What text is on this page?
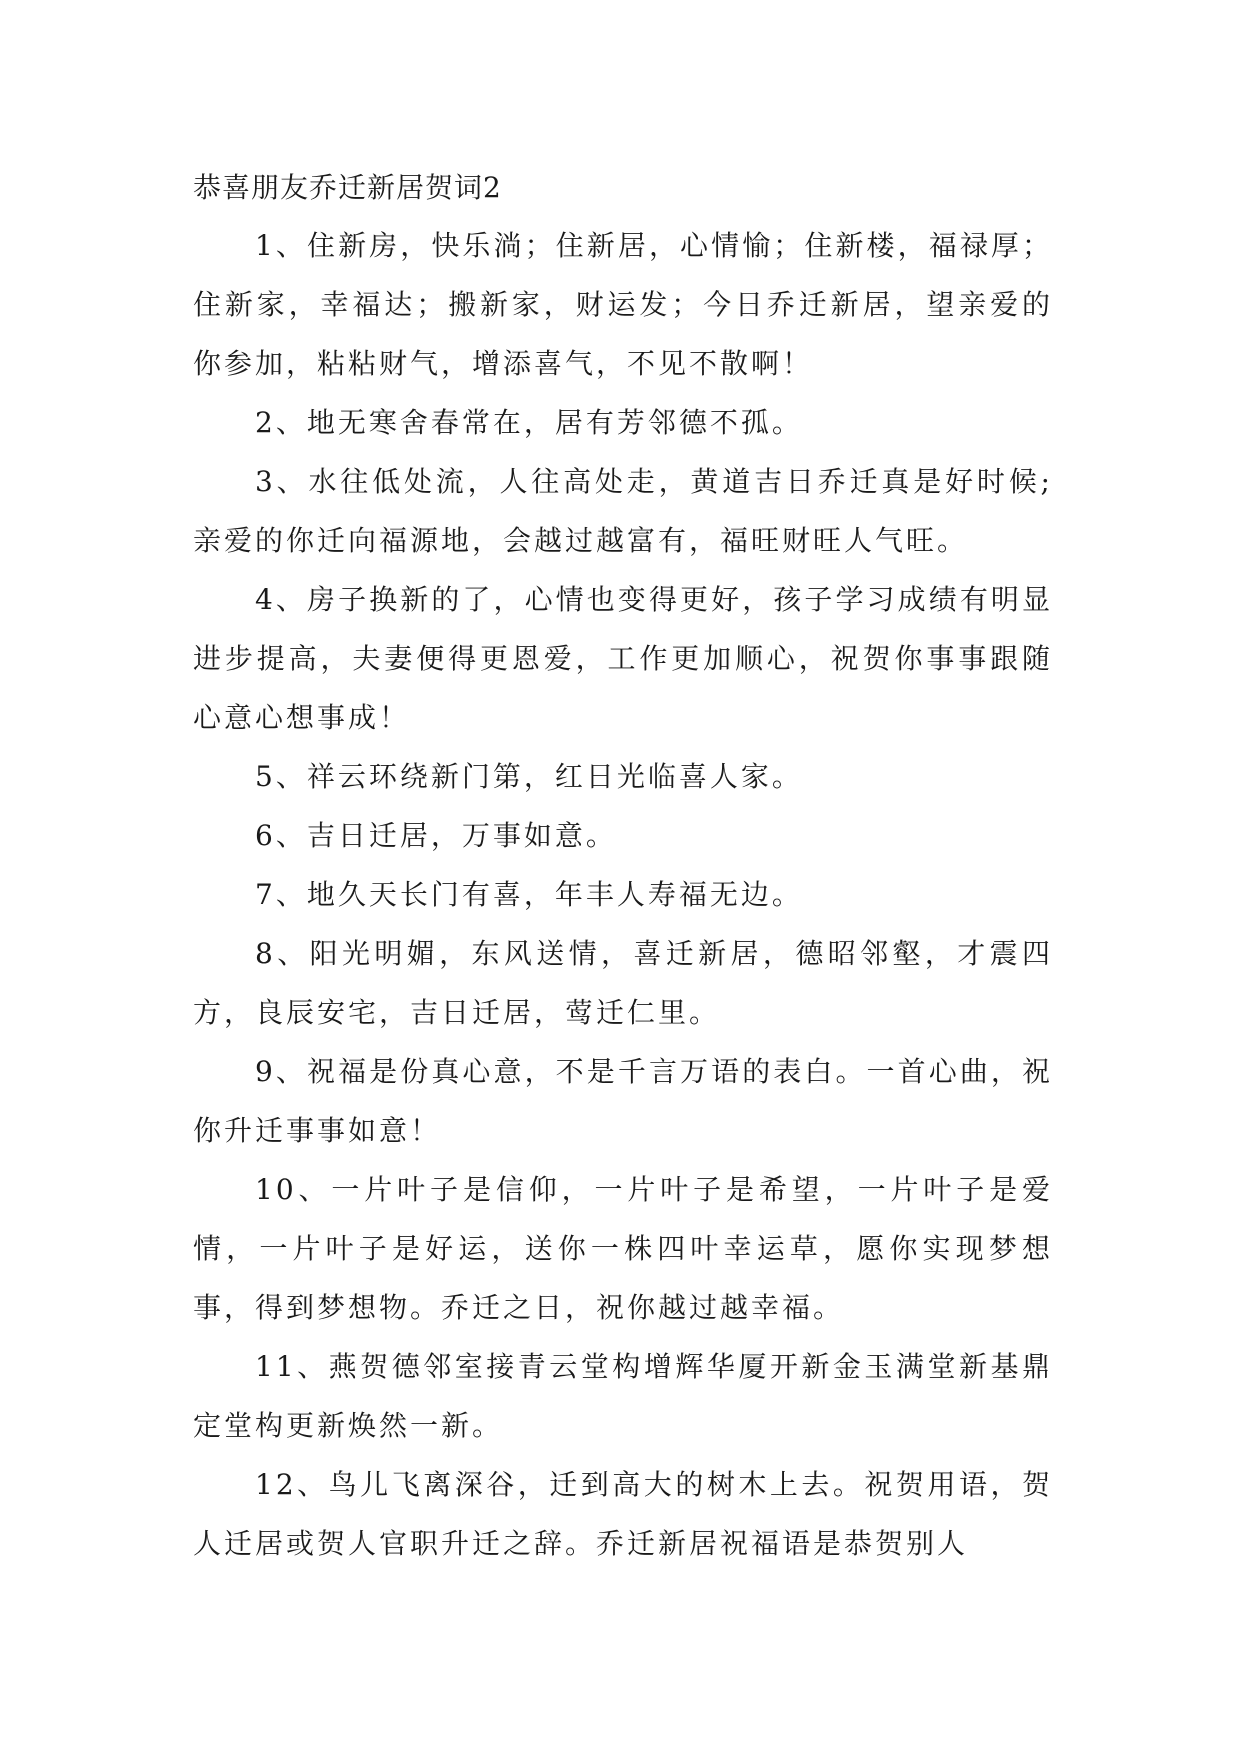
恭喜朋友乔迁新居贺词2

1、住新房，快乐淌；住新居，心情愉；住新楼，福禄厚；住新家，幸福达；搬新家，财运发；今日乔迁新居，望亲爱的你参加，粘粘财气，增添喜气，不见不散啊！

2、地无寒舍春常在，居有芳邻德不孤。

3、水往低处流，人往高处走，黄道吉日乔迁真是好时候;亲爱的你迁向福源地，会越过越富有，福旺财旺人气旺。

4、房子换新的了，心情也变得更好，孩子学习成绩有明显进步提高，夫妻便得更恩爱，工作更加顺心，祝贺你事事跟随心意心想事成！

5、祥云环绕新门第，红日光临喜人家。

6、吉日迁居，万事如意。

7、地久天长门有喜，年丰人寿福无边。

8、阳光明媚，东风送情，喜迁新居，德昭邻壑，才震四方，良辰安宅，吉日迁居，莺迁仁里。

9、祝福是份真心意，不是千言万语的表白。一首心曲，祝你升迁事事如意！

10、一片叶子是信仰，一片叶子是希望，一片叶子是爱情，一片叶子是好运，送你一株四叶幸运草，愿你实现梦想事，得到梦想物。乔迁之日，祝你越过越幸福。

11、燕贺德邻室接青云堂构增辉华厦开新金玉满堂新基鼎定堂构更新焕然一新。

12、鸟儿飞离深谷，迁到高大的树木上去。祝贺用语，贺人迁居或贺人官职升迁之辞。乔迁新居祝福语是恭贺别人
